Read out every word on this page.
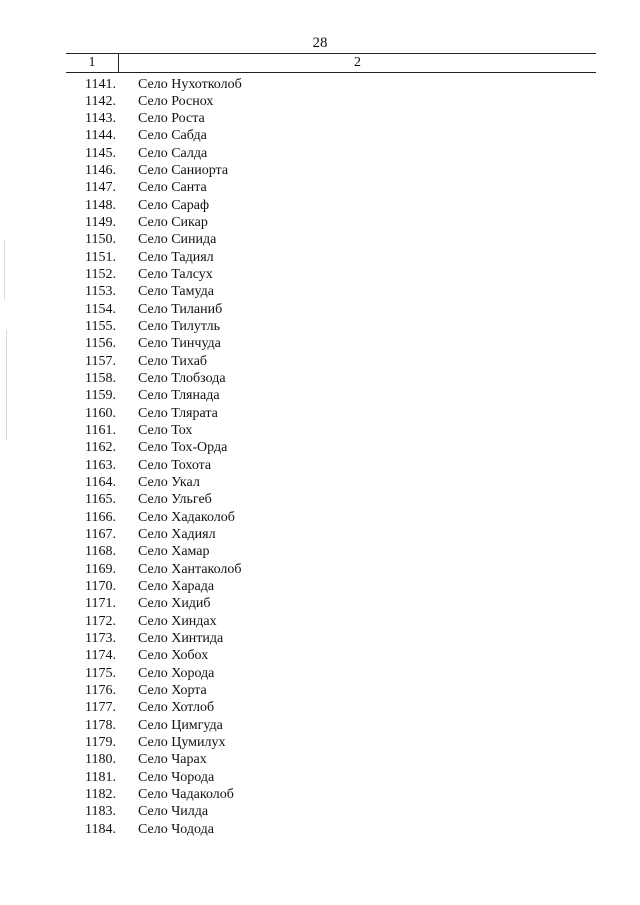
28
1	2
1141. Село Нухотколоб
1142. Село Роснох
1143. Село Роста
1144. Село Сабда
1145. Село Салда
1146. Село Саниорта
1147. Село Санта
1148. Село Сараф
1149. Село Сикар
1150. Село Синида
1151. Село Тадиял
1152. Село Талсух
1153. Село Тамуда
1154. Село Тиланиб
1155. Село Тилутль
1156. Село Тинчуда
1157. Село Тихаб
1158. Село Тлобзода
1159. Село Тлянада
1160. Село Тлярата
1161. Село Тох
1162. Село Тох-Орда
1163. Село Тохота
1164. Село Укал
1165. Село Ульгеб
1166. Село Хадаколоб
1167. Село Хадиял
1168. Село Хамар
1169. Село Хантаколоб
1170. Село Харада
1171. Село Хидиб
1172. Село Хиндах
1173. Село Хинтида
1174. Село Хобох
1175. Село Хорода
1176. Село Хорта
1177. Село Хотлоб
1178. Село Цимгуда
1179. Село Цумилух
1180. Село Чарах
1181. Село Чорода
1182. Село Чадаколоб
1183. Село Чилда
1184. Село Чодода
